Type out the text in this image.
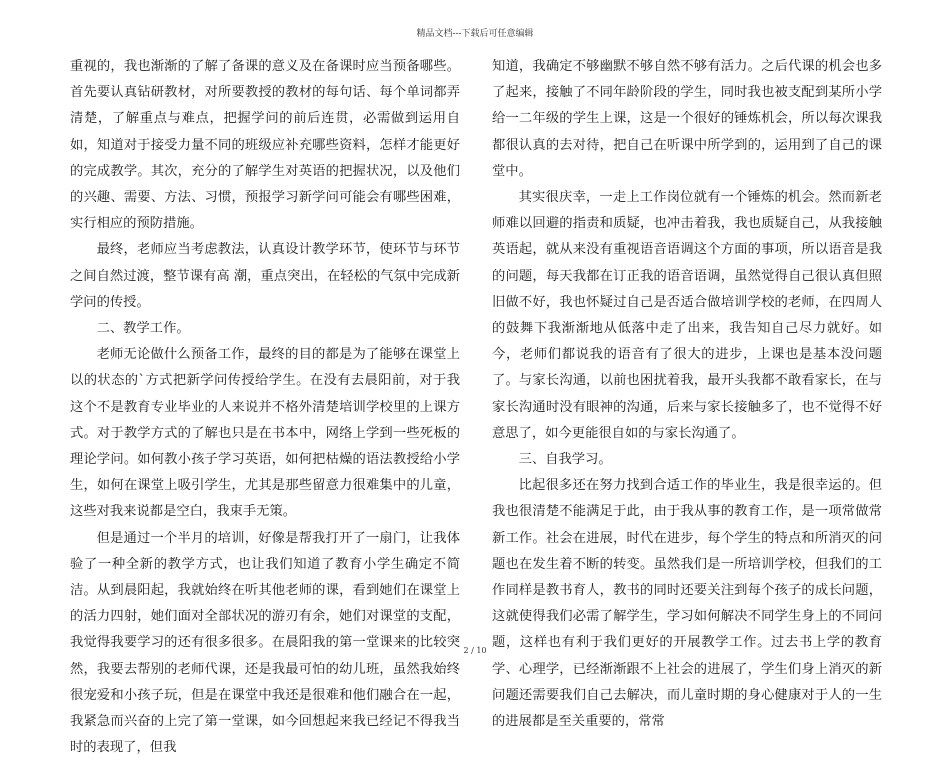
精品文档---下载后可任意编辑

重视的，我也渐渐的了解了备课的意义及在备课时应当预备哪些。首先要认真钻研教材，对所要教授的教材的每句话、每个单词都弄清楚，了解重点与难点，把握学问的前后连贯，必需做到运用自如，知道对于接受力量不同的班级应补充哪些资料，怎样才能更好的完成教学。其次，充分的了解学生对英语的把握状况，以及他们的兴趣、需要、方法、习惯，预报学习新学问可能会有哪些困难，实行相应的预防措施。

最终，老师应当考虑教法，认真设计教学环节，使环节与环节之间自然过渡，整节课有高 潮，重点突出，在轻松的气氛中完成新学问的传授。

二、教学工作。

老师无论做什么预备工作，最终的目的都是为了能够在课堂上以的状态的`方式把新学问传授给学生。在没有去晨阳前，对于我这个不是教育专业毕业的人来说并不格外清楚培训学校里的上课方式。对于教学方式的了解也只是在书本中，网络上学到一些死板的理论学问。如何教小孩子学习英语，如何把枯燥的语法教授给小学生，如何在课堂上吸引学生，尤其是那些留意力很难集中的儿童，这些对我来说都是空白，我束手无策。

但是通过一个半月的培训，好像是帮我打开了一扇门，让我体验了一种全新的教学方式，也让我们知道了教育小学生确定不简洁。从到晨阳起，我就始终在听其他老师的课，看到她们在课堂上的活力四射，她们面对全部状况的游刃有余，她们对课堂的支配，我觉得我要学习的还有很多很多。在晨阳我的第一堂课来的比较突然，我要去帮别的老师代课，还是我最可怕的幼儿班，虽然我始终很宠爱和小孩子玩，但是在课堂中我还是很难和他们融合在一起，我紧急而兴奋的上完了第一堂课，如今回想起来我已经记不得我当时的表现了，但我

知道，我确定不够幽默不够自然不够有活力。之后代课的机会也多了起来，接触了不同年龄阶段的学生，同时我也被支配到某所小学给一二年级的学生上课，这是一个很好的锤炼机会，所以每次课我都很认真的去对待，把自己在听课中所学到的，运用到了自己的课堂中。

其实很庆幸，一走上工作岗位就有一个锤炼的机会。然而新老师难以回避的指责和质疑，也冲击着我，我也质疑自己，从我接触英语起，就从来没有重视语音语调这个方面的事项，所以语音是我的问题，每天我都在订正我的语音语调，虽然觉得自己很认真但照旧做不好，我也怀疑过自己是否适合做培训学校的老师，在四周人的鼓舞下我渐渐地从低落中走了出来，我告知自己尽力就好。如今，老师们都说我的语音有了很大的进步，上课也是基本没问题了。与家长沟通，以前也困扰着我，最开头我都不敢看家长，在与家长沟通时没有眼神的沟通，后来与家长接触多了，也不觉得不好意思了，如今更能很自如的与家长沟通了。

三、自我学习。

比起很多还在努力找到合适工作的毕业生，我是很幸运的。但我也很清楚不能满足于此，由于我从事的教育工作，是一项常做常新工作。社会在进展，时代在进步，每个学生的特点和所消灭的问题也在发生着不断的转变。虽然我们是一所培训学校，但我们的工作同样是教书育人，教书的同时还要关注到每个孩子的成长问题，这就使得我们必需了解学生，学习如何解决不同学生身上的不同问题，这样也有利于我们更好的开展教学工作。过去书上学的教育学、心理学，已经渐渐跟不上社会的进展了，学生们身上消灭的新问题还需要我们自己去解决，而儿童时期的身心健康对于人的一生的进展都是至关重要的，常常

2 / 10
